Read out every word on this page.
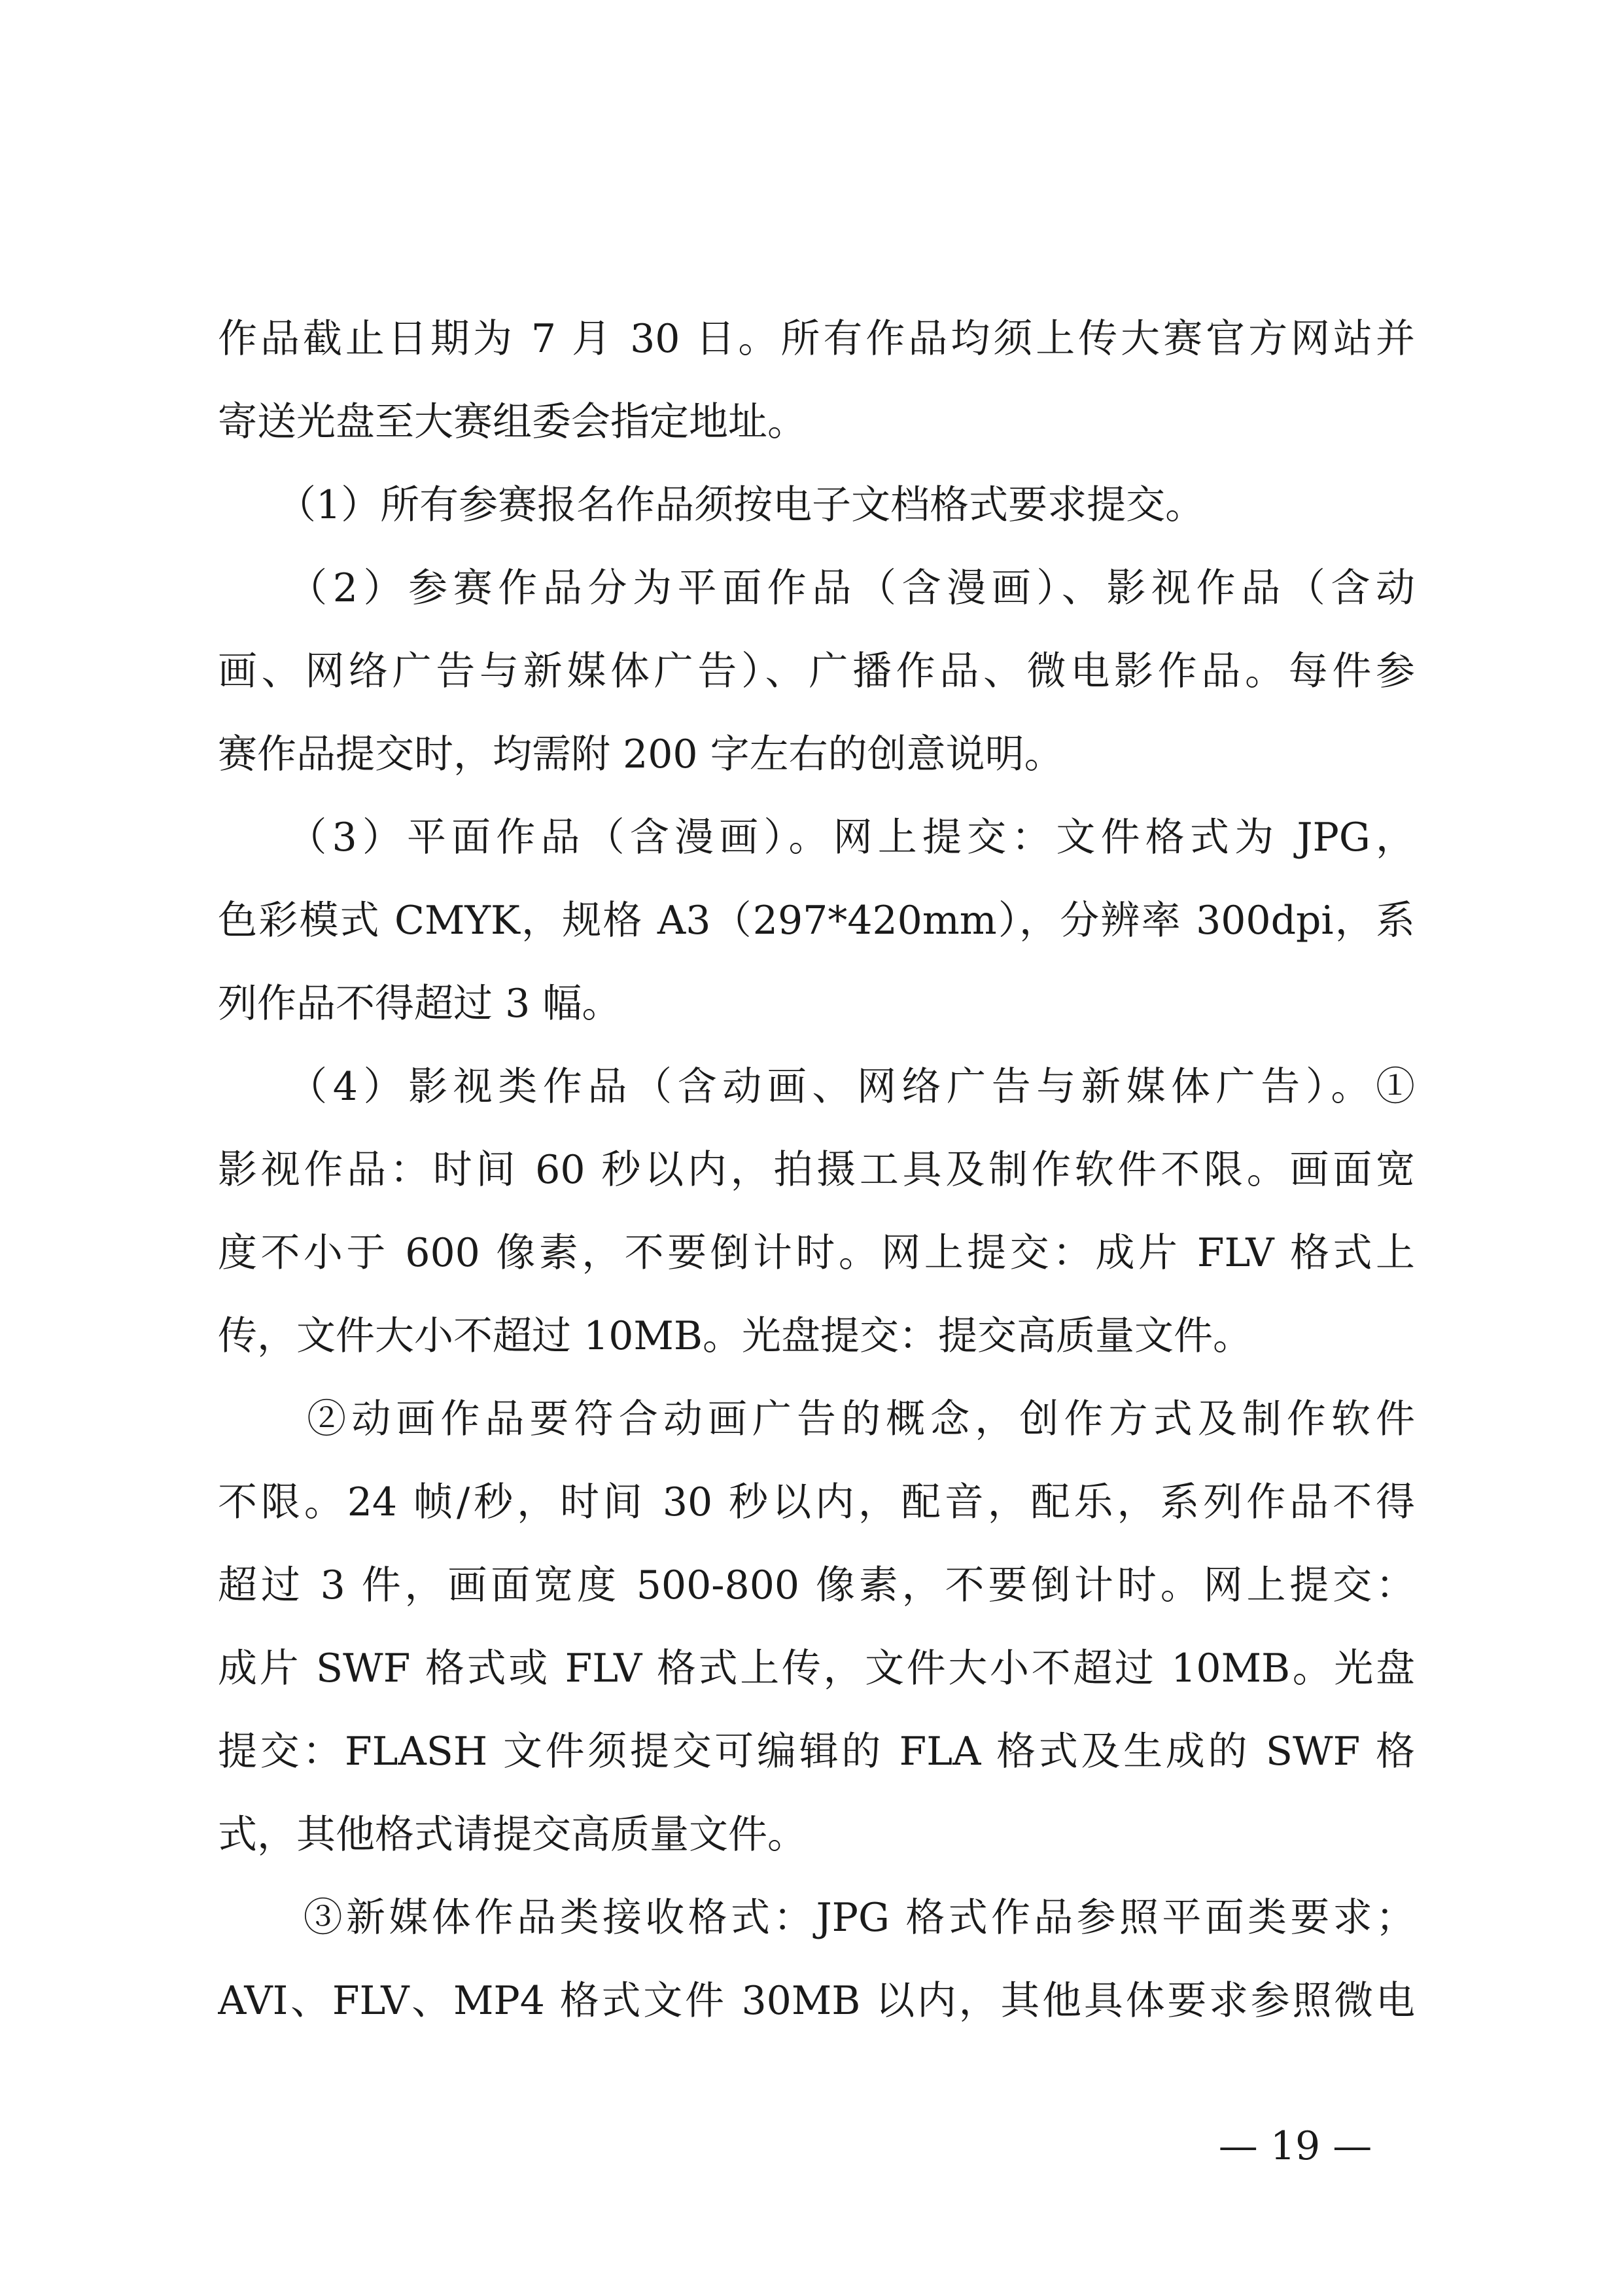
作品截止日期为 7 月 30 日。所有作品均须上传大赛官方网站并
寄送光盘至大赛组委会指定地址。
　　（1）所有参赛报名作品须按电子文档格式要求提交。
　　（2）参赛作品分为平面作品（含漫画）、影视作品（含动
画、网络广告与新媒体广告）、广播作品、微电影作品。每件参
赛作品提交时，均需附 200 字左右的创意说明。
　　（3）平面作品（含漫画）。网上提交：文件格式为 JPG，
色彩模式 CMYK，规格 A3（297*420mm），分辨率 300dpi，系
列作品不得超过 3 幅。
　　（4）影视类作品（含动画、网络广告与新媒体广告）。①
影视作品：时间 60 秒以内，拍摄工具及制作软件不限。画面宽
度不小于 600 像素，不要倒计时。网上提交：成片 FLV 格式上
传，文件大小不超过 10MB。光盘提交：提交高质量文件。
　　②动画作品要符合动画广告的概念，创作方式及制作软件
不限。24 帧/秒，时间 30 秒以内，配音，配乐，系列作品不得
超过 3 件，画面宽度 500-800 像素，不要倒计时。网上提交：
成片 SWF 格式或 FLV 格式上传，文件大小不超过 10MB。光盘
提交：FLASH 文件须提交可编辑的 FLA 格式及生成的 SWF 格
式，其他格式请提交高质量文件。
　　③新媒体作品类接收格式：JPG 格式作品参照平面类要求；
AVI、FLV、MP4 格式文件 30MB 以内，其他具体要求参照微电
— 19 —
